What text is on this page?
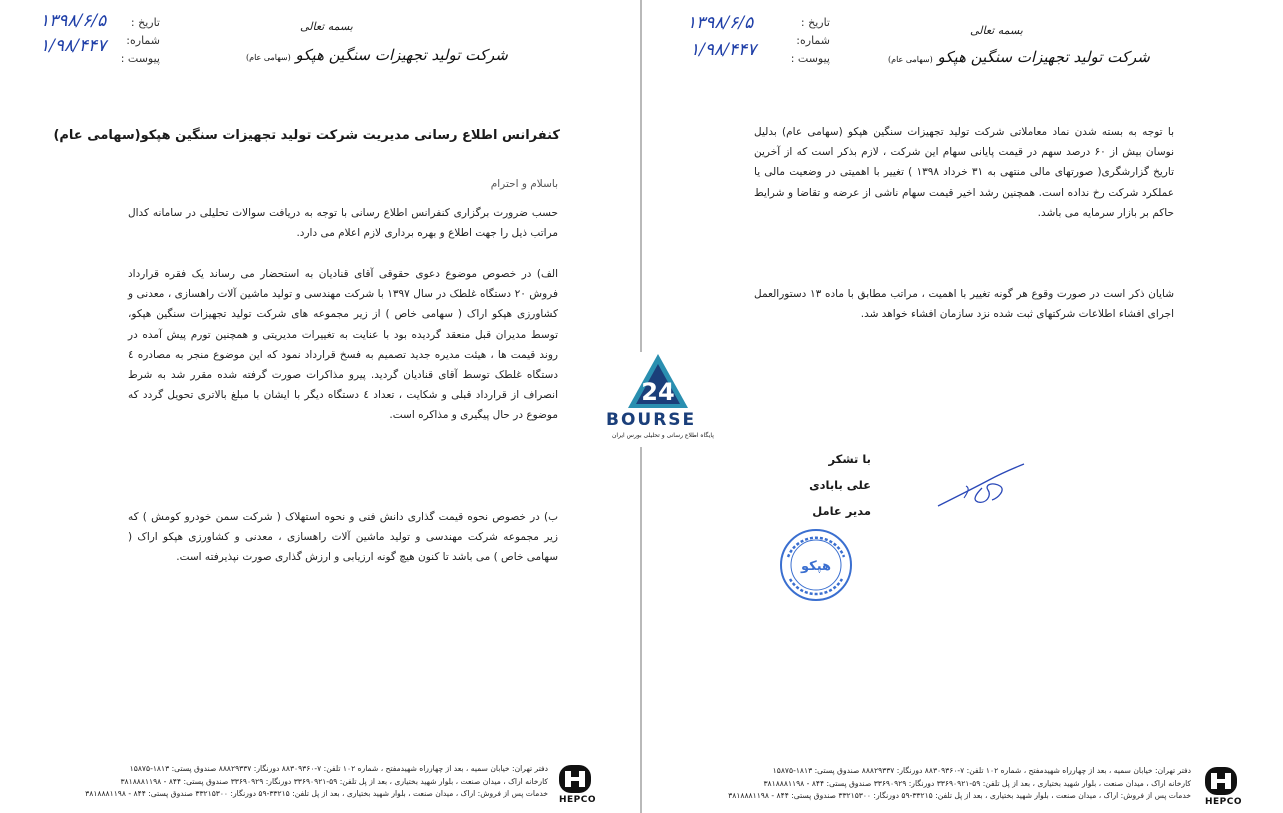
تاریخ :
شماره:
پیوست :
۱۳۹۸/۶/۵
۱/۹۸/۴۴۷
بسمه تعالی
شرکت تولید تجهیزات سنگین هپکو (سهامی عام)
کنفرانس اطلاع رسانی مدیریت شرکت تولید تجهیزات سنگین هپکو(سهامی عام)
باسلام و احترام
حسب ضرورت برگزاری کنفرانس اطلاع رسانی با توجه به دریافت سوالات تحلیلی در سامانه کدال مراتب ذیل را جهت اطلاع و بهره برداری لازم اعلام می دارد.
الف) در خصوص موضوع دعوی حقوقی آقای قنادیان به استحضار می رساند یک فقره قرارداد فروش ۲۰ دستگاه غلطک در سال ۱۳۹۷ با شرکت مهندسی و تولید ماشین آلات راهسازی ، معدنی و کشاورزی هپکو اراک ( سهامی خاص ) از زیر مجموعه های شرکت تولید تجهیزات سنگین هپکو، توسط مدیران قبل منعقد گردیده بود با عنایت به تغییرات مدیریتی و همچنین تورم پیش آمده در روند قیمت ها ، هیئت مدیره جدید تصمیم به فسخ قرارداد نمود که این موضوع منجر به مصادره ٤ دستگاه غلطک توسط آقای قنادیان گردید. پیرو مذاکرات صورت گرفته شده مقرر شد به شرط انصراف از قرارداد قبلی و شکایت ، تعداد ٤ دستگاه دیگر با ایشان با مبلغ بالاتری تحویل گردد که موضوع در حال پیگیری و مذاکره است.
ب) در خصوص نحوه قیمت گذاری دانش فنی و نحوه استهلاک ( شرکت سمن خودرو کومش ) که زیر مجموعه شرکت مهندسی و تولید ماشین آلات راهسازی ، معدنی و کشاورزی هپکو اراک ( سهامی خاص ) می باشد تا کنون هیچ گونه ارزیابی و ارزش گذاری صورت نپذیرفته است.
دفتر تهران: خیابان سمیه ، بعد از چهارراه شهیدمفتح ، شماره ۱۰۲ تلفن: ۷-۸۸۳۰۹۳۶۰ دورنگار: ۸۸۸۲۹۳۳۷ صندوق پستی: ۱۸۱۳-۱۵۸۷۵
کارخانه اراک ، میدان صنعت ، بلوار شهید بختیاری ، بعد از پل تلفن: ۵۹-۳۳۶۹۰۹۲۱ دورنگار: ۳۳۶۹۰۹۲۹ صندوق پستی: ۸۴۴ - ۳۸۱۸۸۸۱۱۹۸
خدمات پس از فروش: اراک ، میدان صنعت ، بلوار شهید بختیاری ، بعد از پل تلفن: ۳۳۲۱۵-۵۹ دورنگار: ۳۳۲۱۵۳۰۰ صندوق پستی: ۸۴۴ - ۳۸۱۸۸۸۱۱۹۸
HEPCO
تاریخ :
شماره:
پیوست :
۱۳۹۸/۶/۵
۱/۹۸/۴۴۷
بسمه تعالی
شرکت تولید تجهیزات سنگین هپکو (سهامی عام)
با توجه به بسته شدن نماد معاملاتی شرکت تولید تجهیزات سنگین هپکو (سهامی عام) بدلیل نوسان بیش از ۶۰ درصد سهم در قیمت پایانی سهام این شرکت ، لازم بذکر است که از آخرین تاریخ گزارشگری( صورتهای مالی منتهی به ۳۱ خرداد ۱۳۹۸ ) تغییر با اهمیتی در وضعیت مالی یا عملکرد شرکت رخ نداده است. همچنین رشد اخیر قیمت سهام ناشی از عرضه و تقاضا و شرایط حاکم بر بازار سرمایه می باشد.
شایان ذکر است در صورت وقوع هر گونه تغییر با اهمیت ، مراتب مطابق با ماده ۱۳ دستورالعمل اجرای افشاء اطلاعات شرکتهای ثبت شده نزد سازمان افشاء خواهد شد.
با تشکر
علی بابادی
مدیر عامل
هپکو
دفتر تهران: خیابان سمیه ، بعد از چهارراه شهیدمفتح ، شماره ۱۰۲ تلفن: ۷-۸۸۳۰۹۳۶۰ دورنگار: ۸۸۸۲۹۳۳۷ صندوق پستی: ۱۸۱۳-۱۵۸۷۵
کارخانه اراک ، میدان صنعت ، بلوار شهید بختیاری ، بعد از پل تلفن: ۵۹-۳۳۶۹۰۹۲۱ دورنگار: ۳۳۶۹۰۹۲۹ صندوق پستی: ۸۴۴ - ۳۸۱۸۸۸۱۱۹۸
خدمات پس از فروش: اراک ، میدان صنعت ، بلوار شهید بختیاری ، بعد از پل تلفن: ۳۳۲۱۵-۵۹ دورنگار: ۳۳۲۱۵۳۰۰ صندوق پستی: ۸۴۴ - ۳۸۱۸۸۸۱۱۹۸
HEPCO
24
BOURSE
پایگاه اطلاع رسانی و تحلیلی بورس ایران
